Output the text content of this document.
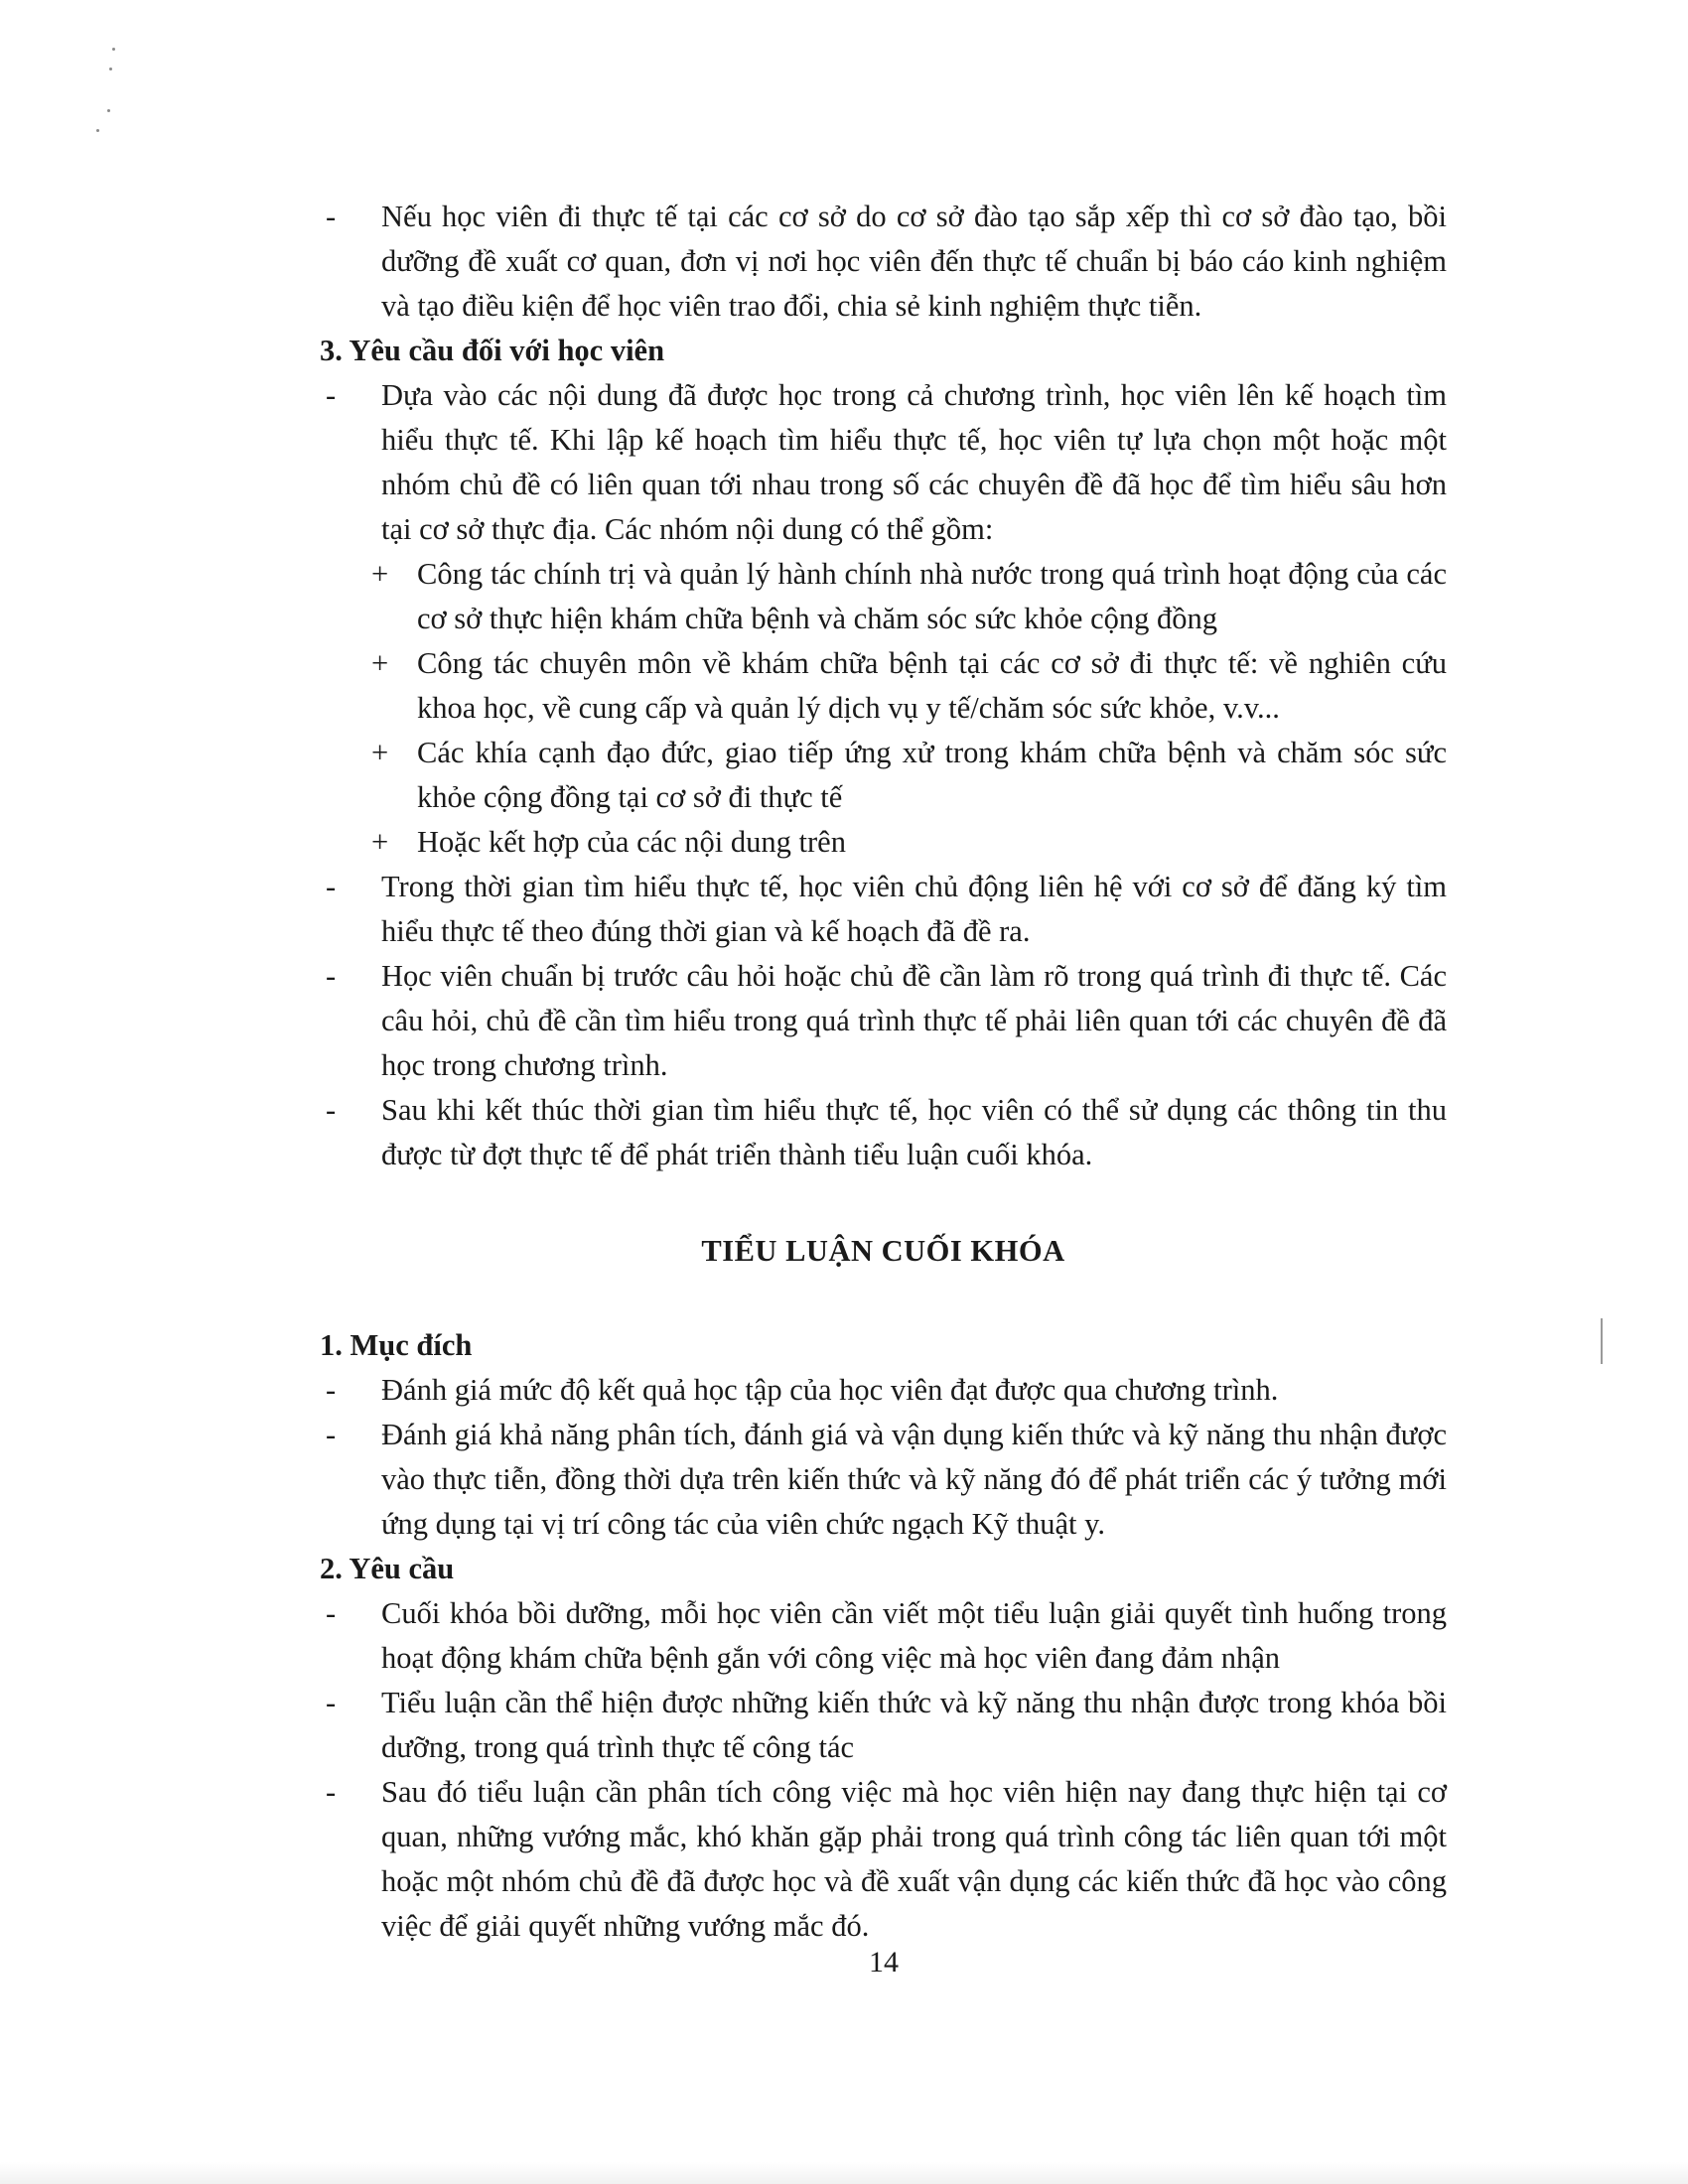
- Nếu học viên đi thực tế tại các cơ sở do cơ sở đào tạo sắp xếp thì cơ sở đào tạo, bồi dưỡng đề xuất cơ quan, đơn vị nơi học viên đến thực tế chuẩn bị báo cáo kinh nghiệm và tạo điều kiện để học viên trao đổi, chia sẻ kinh nghiệm thực tiễn.
3. Yêu cầu đối với học viên
- Dựa vào các nội dung đã được học trong cả chương trình, học viên lên kế hoạch tìm hiểu thực tế. Khi lập kế hoạch tìm hiểu thực tế, học viên tự lựa chọn một hoặc một nhóm chủ đề có liên quan tới nhau trong số các chuyên đề đã học để tìm hiểu sâu hơn tại cơ sở thực địa. Các nhóm nội dung có thể gồm:
+ Công tác chính trị và quản lý hành chính nhà nước trong quá trình hoạt động của các cơ sở thực hiện khám chữa bệnh và chăm sóc sức khỏe cộng đồng
+ Công tác chuyên môn về khám chữa bệnh tại các cơ sở đi thực tế: về nghiên cứu khoa học, về cung cấp và quản lý dịch vụ y tế/chăm sóc sức khỏe, v.v...
+ Các khía cạnh đạo đức, giao tiếp ứng xử trong khám chữa bệnh và chăm sóc sức khỏe cộng đồng tại cơ sở đi thực tế
+ Hoặc kết hợp của các nội dung trên
- Trong thời gian tìm hiểu thực tế, học viên chủ động liên hệ với cơ sở để đăng ký tìm hiểu thực tế theo đúng thời gian và kế hoạch đã đề ra.
- Học viên chuẩn bị trước câu hỏi hoặc chủ đề cần làm rõ trong quá trình đi thực tế. Các câu hỏi, chủ đề cần tìm hiểu trong quá trình thực tế phải liên quan tới các chuyên đề đã học trong chương trình.
- Sau khi kết thúc thời gian tìm hiểu thực tế, học viên có thể sử dụng các thông tin thu được từ đợt thực tế để phát triển thành tiểu luận cuối khóa.
TIỂU LUẬN CUỐI KHÓA
1. Mục đích
- Đánh giá mức độ kết quả học tập của học viên đạt được qua chương trình.
- Đánh giá khả năng phân tích, đánh giá và vận dụng kiến thức và kỹ năng thu nhận được vào thực tiễn, đồng thời dựa trên kiến thức và kỹ năng đó để phát triển các ý tưởng mới ứng dụng tại vị trí công tác của viên chức ngạch Kỹ thuật y.
2. Yêu cầu
- Cuối khóa bồi dưỡng, mỗi học viên cần viết một tiểu luận giải quyết tình huống trong hoạt động khám chữa bệnh gắn với công việc mà học viên đang đảm nhận
- Tiểu luận cần thể hiện được những kiến thức và kỹ năng thu nhận được trong khóa bồi dưỡng, trong quá trình thực tế công tác
- Sau đó tiểu luận cần phân tích công việc mà học viên hiện nay đang thực hiện tại cơ quan, những vướng mắc, khó khăn gặp phải trong quá trình công tác liên quan tới một hoặc một nhóm chủ đề đã được học và đề xuất vận dụng các kiến thức đã học vào công việc để giải quyết những vướng mắc đó.
14
